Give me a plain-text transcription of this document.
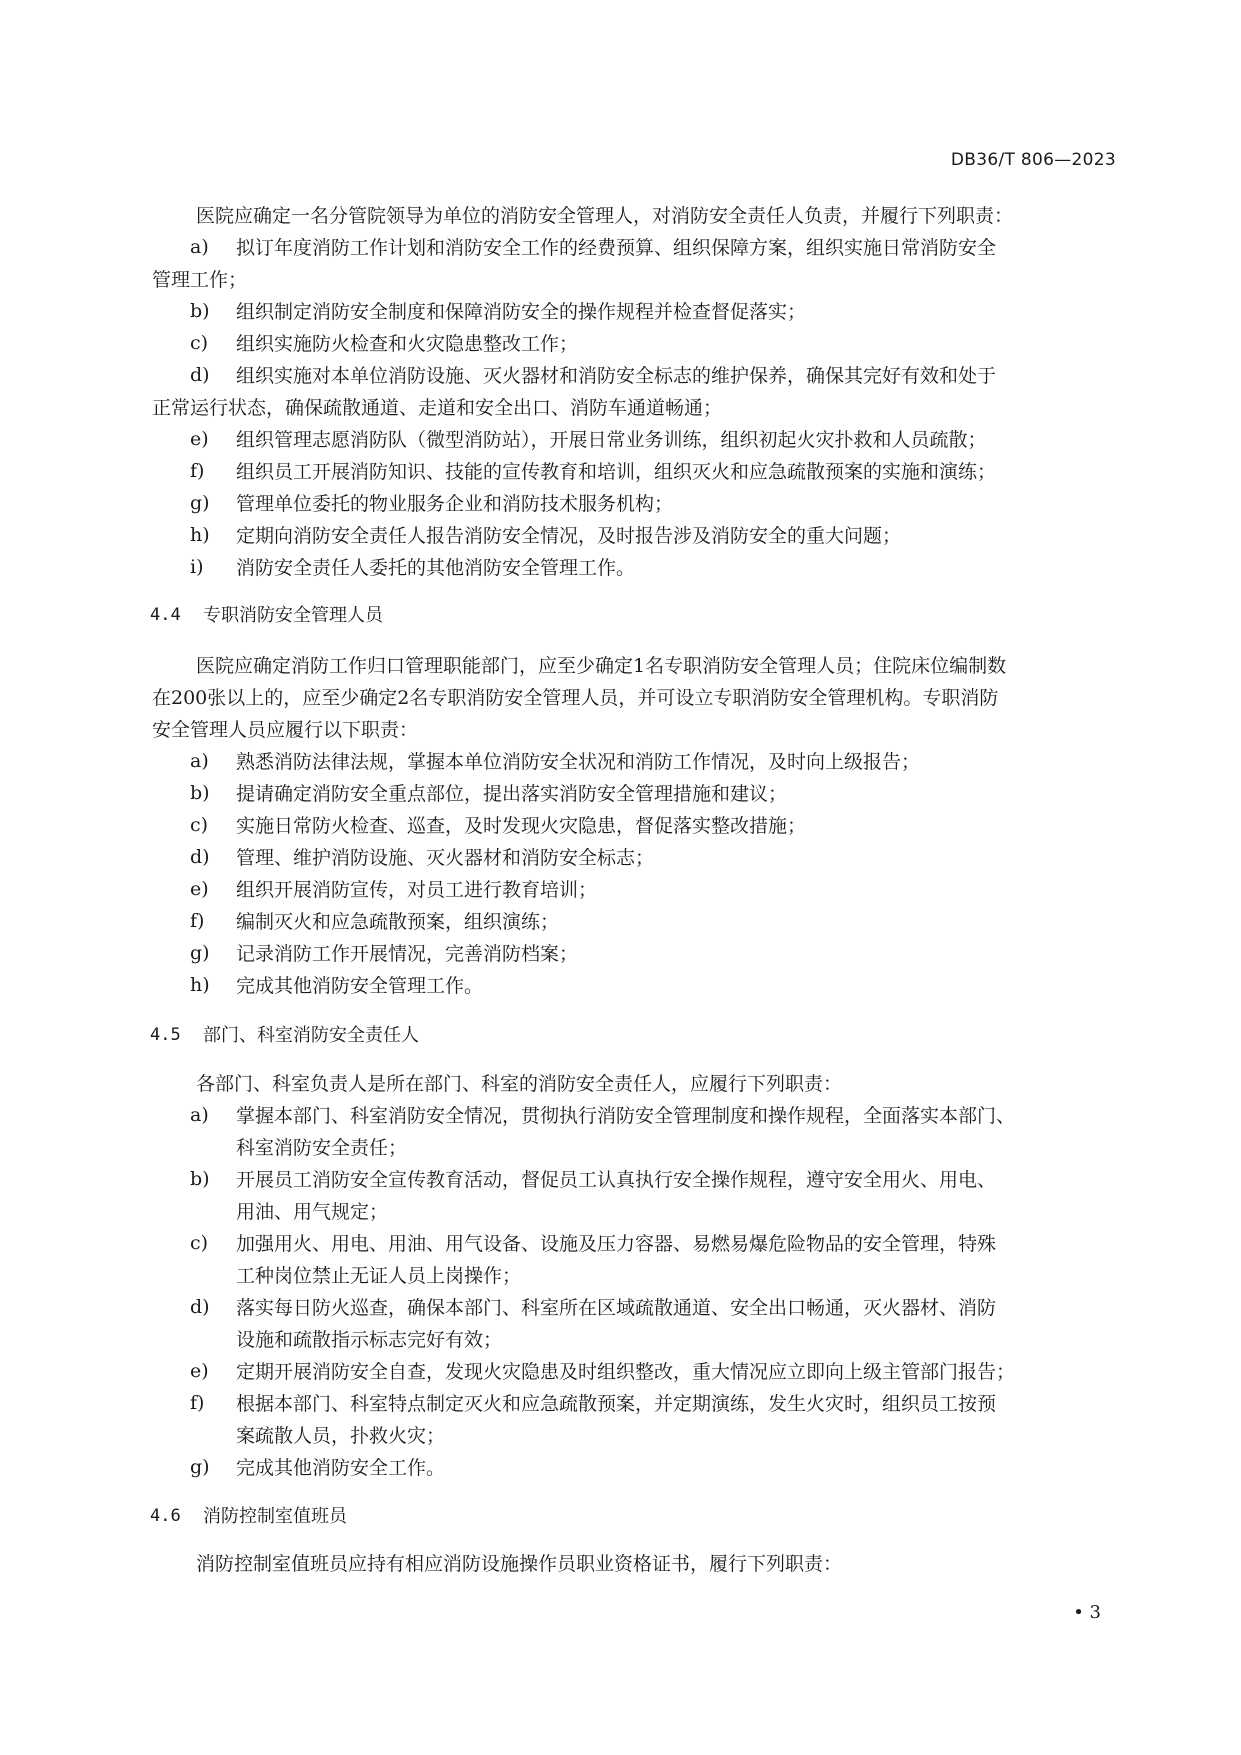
DB36/T 806—2023
医院应确定一名分管院领导为单位的消防安全管理人，对消防安全责任人负责，并履行下列职责：
a)	拟订年度消防工作计划和消防安全工作的经费预算、组织保障方案，组织实施日常消防安全
管理工作；
b)	组织制定消防安全制度和保障消防安全的操作规程并检查督促落实；
c)	组织实施防火检查和火灾隐患整改工作；
d)	组织实施对本单位消防设施、灭火器材和消防安全标志的维护保养，确保其完好有效和处于
正常运行状态，确保疏散通道、走道和安全出口、消防车通道畅通；
e)	组织管理志愿消防队（微型消防站），开展日常业务训练，组织初起火灾扑救和人员疏散；
f)	组织员工开展消防知识、技能的宣传教育和培训，组织灭火和应急疏散预案的实施和演练；
g)	管理单位委托的物业服务企业和消防技术服务机构；
h)	定期向消防安全责任人报告消防安全情况，及时报告涉及消防安全的重大问题；
i)	消防安全责任人委托的其他消防安全管理工作。
4.4 专职消防安全管理人员
医院应确定消防工作归口管理职能部门，应至少确定1名专职消防安全管理人员；住院床位编制数
在200张以上的，应至少确定2名专职消防安全管理人员，并可设立专职消防安全管理机构。专职消防
安全管理人员应履行以下职责：
a)	熟悉消防法律法规，掌握本单位消防安全状况和消防工作情况，及时向上级报告；
b)	提请确定消防安全重点部位，提出落实消防安全管理措施和建议；
c)	实施日常防火检查、巡查，及时发现火灾隐患，督促落实整改措施；
d)	管理、维护消防设施、灭火器材和消防安全标志；
e)	组织开展消防宣传，对员工进行教育培训；
f)	编制灭火和应急疏散预案，组织演练；
g)	记录消防工作开展情况，完善消防档案；
h)	完成其他消防安全管理工作。
4.5 部门、科室消防安全责任人
各部门、科室负责人是所在部门、科室的消防安全责任人，应履行下列职责：
a)	掌握本部门、科室消防安全情况，贯彻执行消防安全管理制度和操作规程，全面落实本部门、
科室消防安全责任；
b)	开展员工消防安全宣传教育活动，督促员工认真执行安全操作规程，遵守安全用火、用电、
用油、用气规定；
c)	加强用火、用电、用油、用气设备、设施及压力容器、易燃易爆危险物品的安全管理，特殊
工种岗位禁止无证人员上岗操作；
d)	落实每日防火巡查，确保本部门、科室所在区域疏散通道、安全出口畅通，灭火器材、消防
设施和疏散指示标志完好有效；
e)	定期开展消防安全自查，发现火灾隐患及时组织整改，重大情况应立即向上级主管部门报告；
f)	根据本部门、科室特点制定灭火和应急疏散预案，并定期演练，发生火灾时，组织员工按预
案疏散人员，扑救火灾；
g)	完成其他消防安全工作。
4.6 消防控制室值班员
消防控制室值班员应持有相应消防设施操作员职业资格证书，履行下列职责：
• 3
